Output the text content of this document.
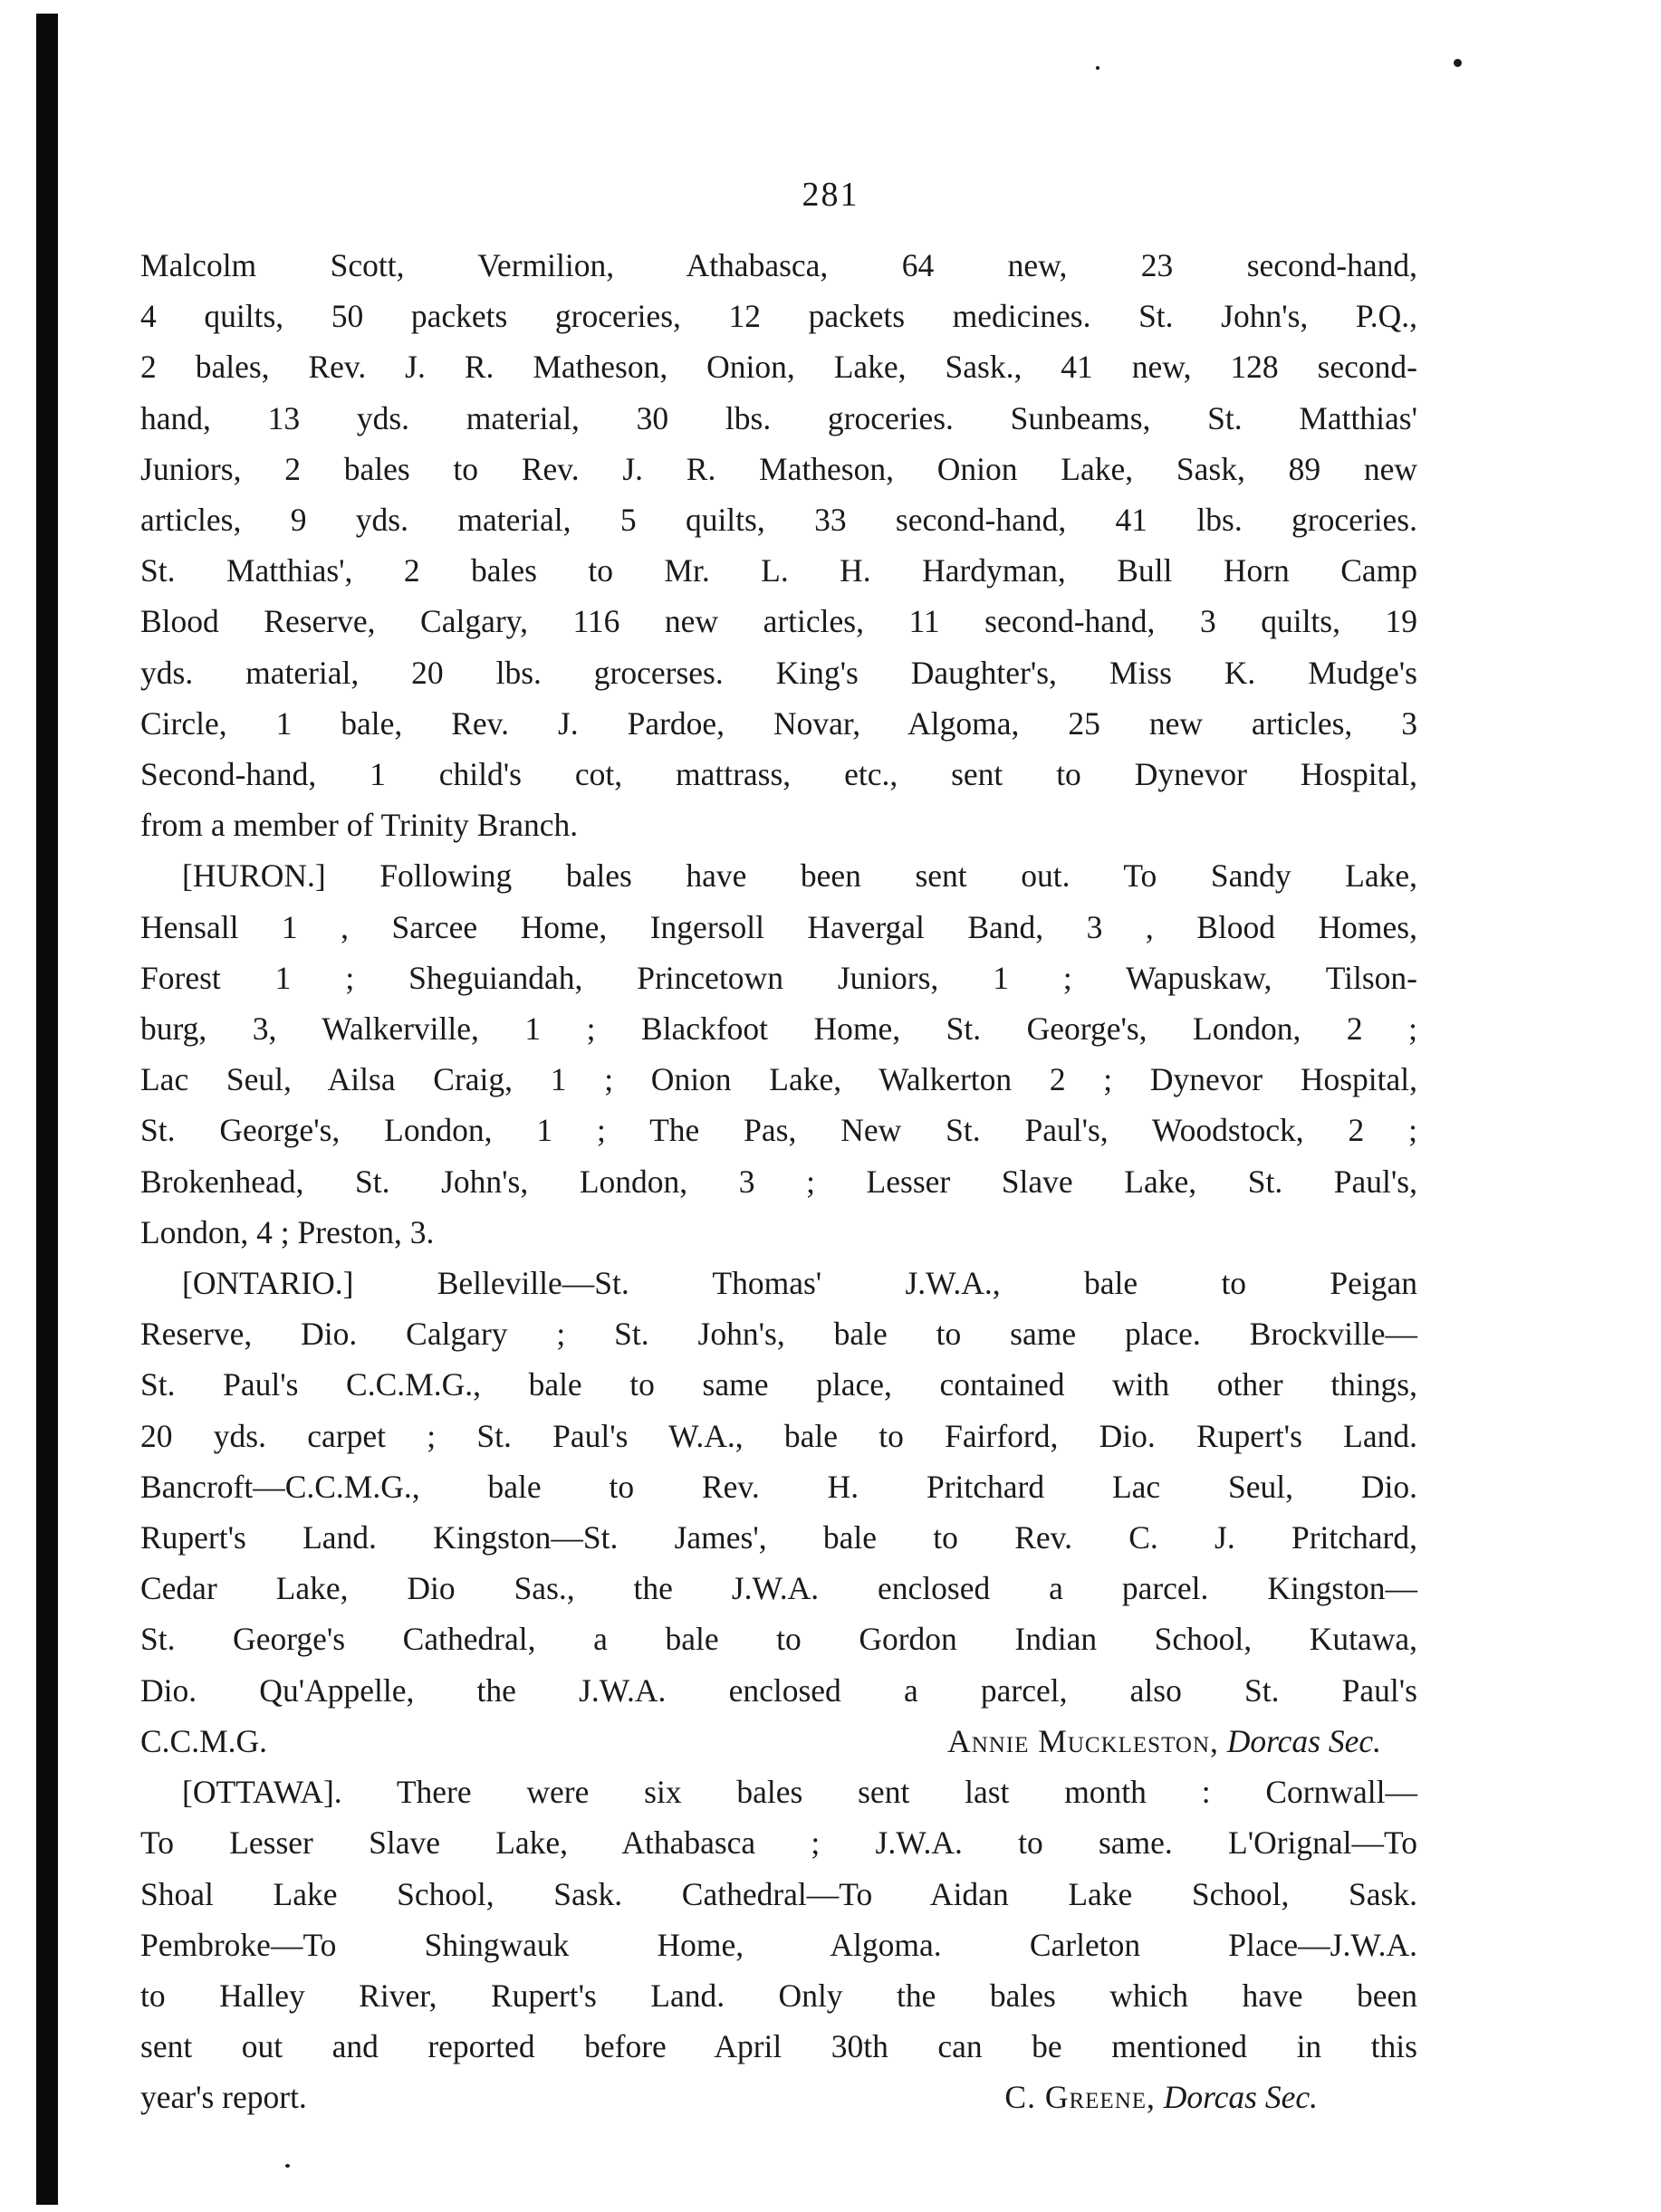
281

Malcolm Scott, Vermilion, Athabasca, 64 new, 23 second-hand,
4 quilts, 50 packets groceries, 12 packets medicines. St. John's, P.Q.,
2 bales, Rev. J. R. Matheson, Onion, Lake, Sask., 41 new, 128 second-
hand, 13 yds. material, 30 lbs. groceries. Sunbeams, St. Matthias'
Juniors, 2 bales to Rev. J. R. Matheson, Onion Lake, Sask, 89 new
articles, 9 yds. material, 5 quilts, 33 second-hand, 41 lbs. groceries.
St. Matthias', 2 bales to Mr. L. H. Hardyman, Bull Horn Camp
Blood Reserve, Calgary, 116 new articles, 11 second-hand, 3 quilts, 19
yds. material, 20 lbs. grocerses. King's Daughter's, Miss K. Mudge's
Circle, 1 bale, Rev. J. Pardoe, Novar, Algoma, 25 new articles, 3
Second-hand, 1 child's cot, mattrass, etc., sent to Dynevor Hospital,
from a member of Trinity Branch.

[HURON.] Following bales have been sent out. To Sandy Lake,
Hensall 1 , Sarcee Home, Ingersoll Havergal Band, 3 , Blood Homes,
Forest 1 ; Sheguiandah, Princetown Juniors, 1 ; Wapuskaw, Tilson-
burg, 3, Walkerville, 1 ; Blackfoot Home, St. George's, London, 2 ;
Lac Seul, Ailsa Craig, 1 ; Onion Lake, Walkerton 2 ; Dynevor Hospital,
St. George's, London, 1 ; The Pas, New St. Paul's, Woodstock, 2 ;
Brokenhead, St. John's, London, 3 ; Lesser Slave Lake, St. Paul's,
London, 4 ; Preston, 3.

[ONTARIO.] Belleville—St. Thomas' J.W.A., bale to Peigan
Reserve, Dio. Calgary ; St. John's, bale to same place. Brockville—
St. Paul's C.C.M.G., bale to same place, contained with other things,
20 yds. carpet ; St. Paul's W.A., bale to Fairford, Dio. Rupert's Land.
Bancroft—C.C.M.G., bale to Rev. H. Pritchard Lac Seul, Dio.
Rupert's Land. Kingston—St. James', bale to Rev. C. J. Pritchard,
Cedar Lake, Dio Sas., the J.W.A. enclosed a parcel. Kingston—
St. George's Cathedral, a bale to Gordon Indian School, Kutawa,
Dio. Qu'Appelle, the J.W.A. enclosed a parcel, also St. Paul's
C.C.M.G.	Annie Muckleston, Dorcas Sec.

[OTTAWA]. There were six bales sent last month : Cornwall—
To Lesser Slave Lake, Athabasca ; J.W.A. to same. L'Orignal—To
Shoal Lake School, Sask. Cathedral—To Aidan Lake School, Sask.
Pembroke—To Shingwauk Home, Algoma. Carleton Place—J.W.A.
to Halley River, Rupert's Land. Only the bales which have been
sent out and reported before April 30th can be mentioned in this
year's report.	C. Greene, Dorcas Sec.
